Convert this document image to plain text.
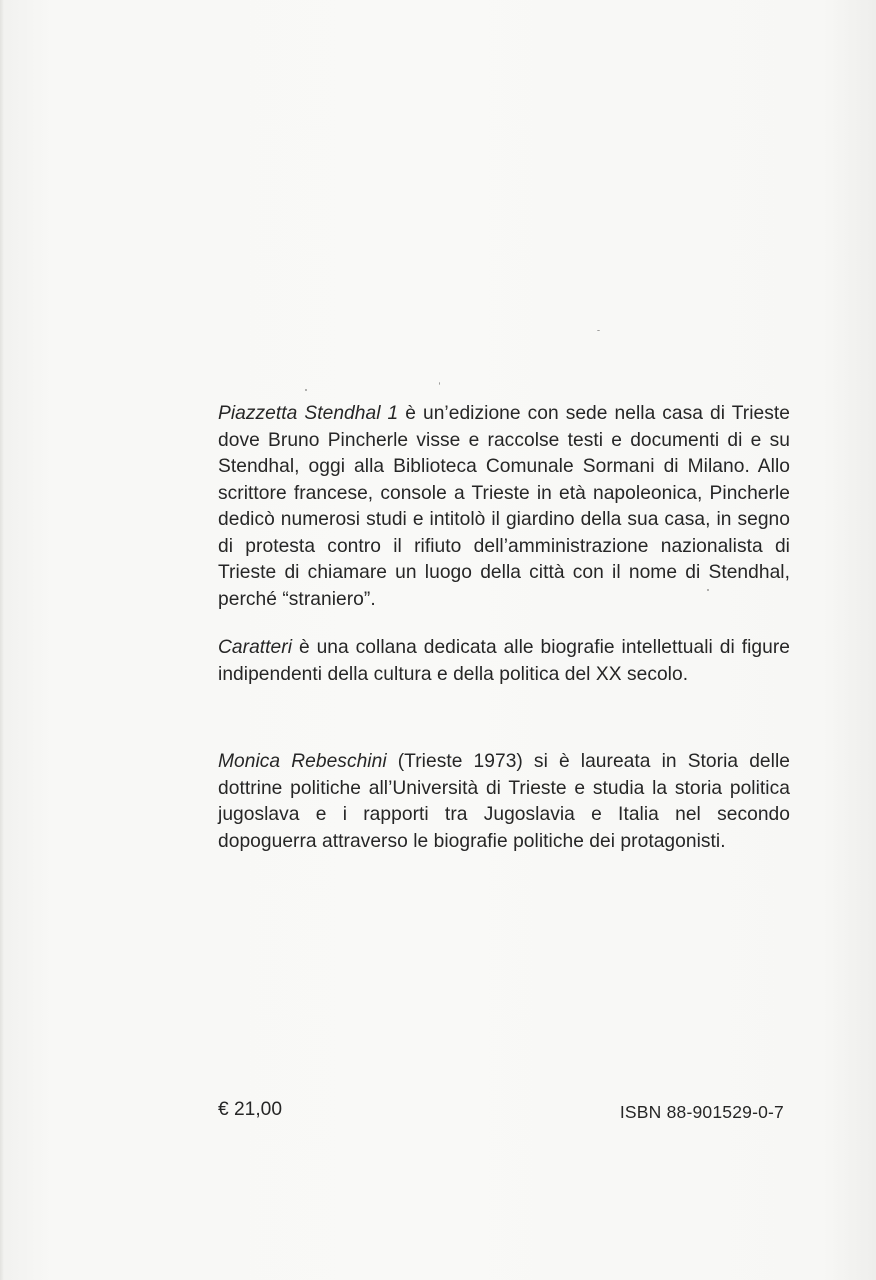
Piazzetta Stendhal 1 è un’edizione con sede nella casa di Trieste dove Bruno Pincherle visse e raccolse testi e documenti di e su Stendhal, oggi alla Biblioteca Comunale Sormani di Milano. Allo scrittore francese, console a Trieste in età napoleonica, Pincherle dedicò numerosi studi e intitolò il giardino della sua casa, in segno di protesta contro il rifiuto dell’amministrazione nazionalista di Trieste di chiamare un luogo della città con il nome di Stendhal, perché “straniero”.

Caratteri è una collana dedicata alle biografie intellettuali di figure indipendenti della cultura e della politica del XX secolo.

Monica Rebeschini (Trieste 1973) si è laureata in Storia delle dottrine politiche all’Università di Trieste e studia la storia politica jugoslava e i rapporti tra Jugoslavia e Italia nel secondo dopoguerra attraverso le biografie politiche dei protagonisti.

€ 21,00	ISBN 88-901529-0-7
